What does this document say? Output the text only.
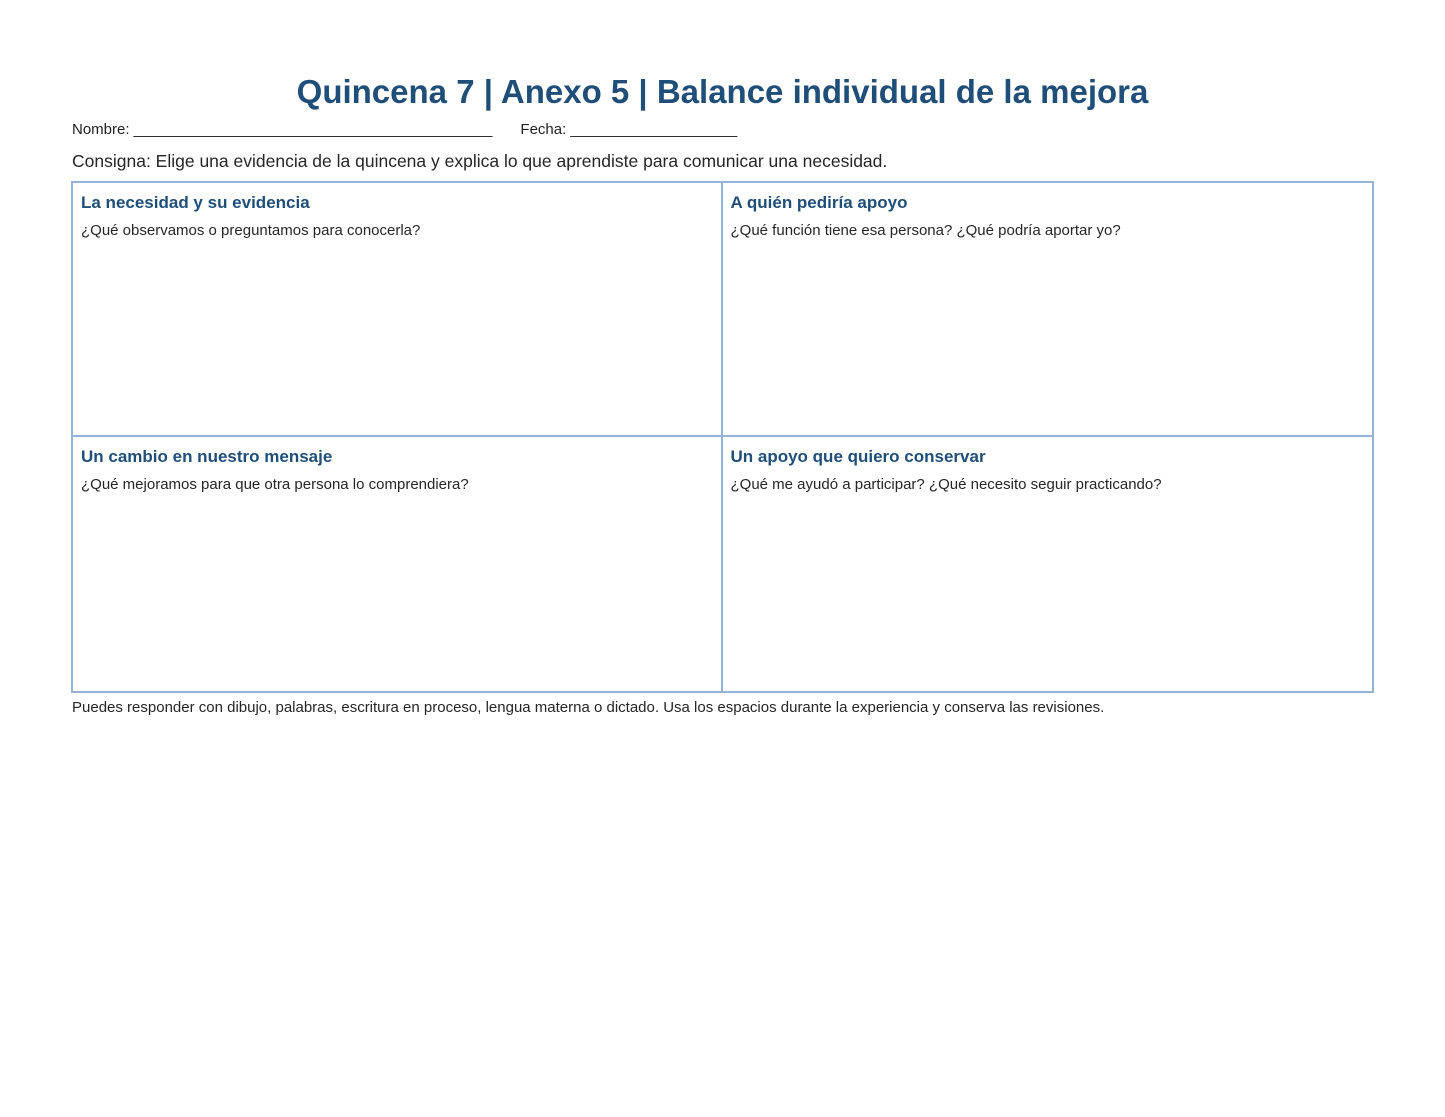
Quincena 7 | Anexo 5 | Balance individual de la mejora
Nombre: ___________________________________________ Fecha: ____________________
Consigna: Elige una evidencia de la quincena y explica lo que aprendiste para comunicar una necesidad.
La necesidad y su evidencia
¿Qué observamos o preguntamos para conocerla?
A quién pediría apoyo
¿Qué función tiene esa persona? ¿Qué podría aportar yo?
Un cambio en nuestro mensaje
¿Qué mejoramos para que otra persona lo comprendiera?
Un apoyo que quiero conservar
¿Qué me ayudó a participar? ¿Qué necesito seguir practicando?
Puedes responder con dibujo, palabras, escritura en proceso, lengua materna o dictado. Usa los espacios durante la experiencia y conserva las revisiones.
